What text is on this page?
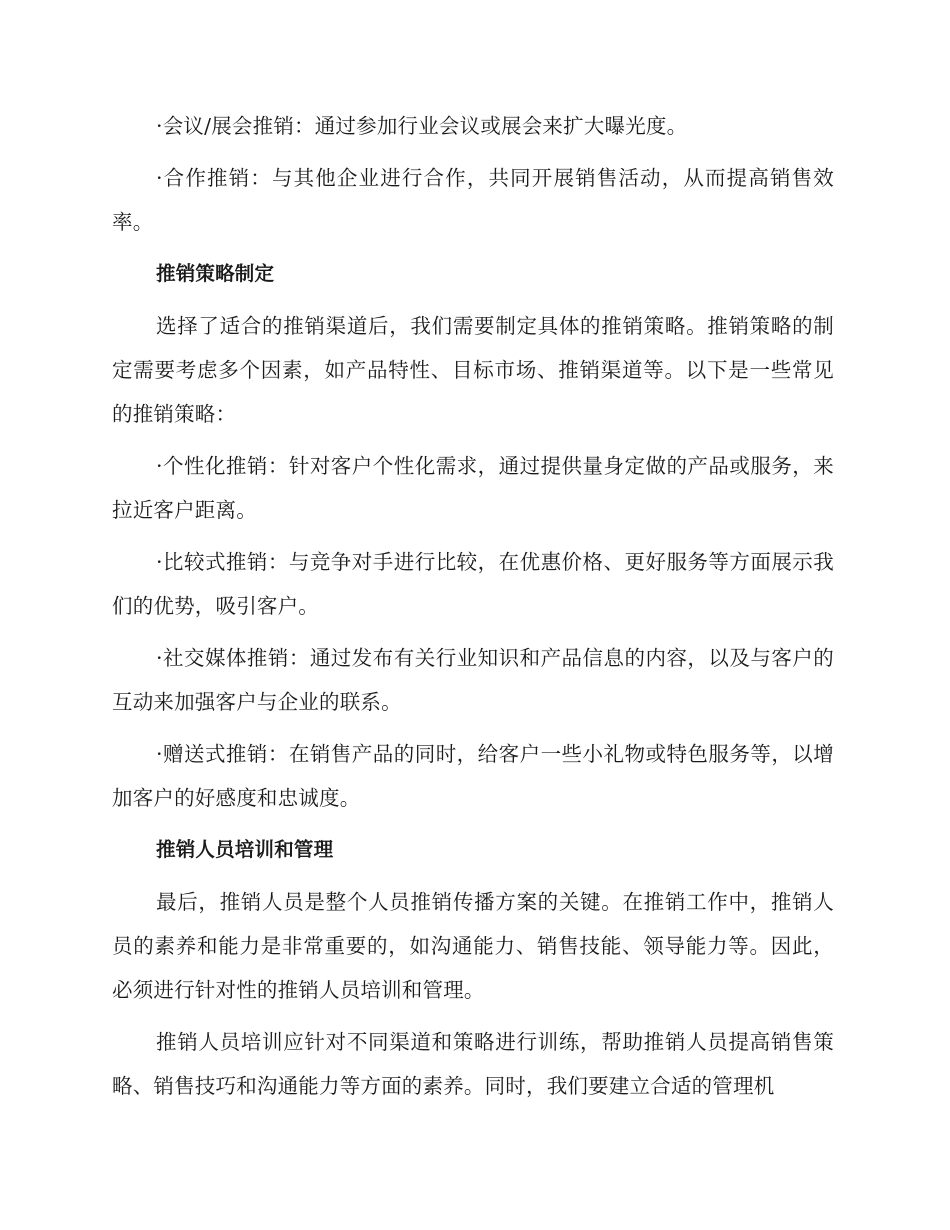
·会议/展会推销：通过参加行业会议或展会来扩大曝光度。

·合作推销：与其他企业进行合作，共同开展销售活动，从而提高销售效率。

推销策略制定

选择了适合的推销渠道后，我们需要制定具体的推销策略。推销策略的制定需要考虑多个因素，如产品特性、目标市场、推销渠道等。以下是一些常见的推销策略：

·个性化推销：针对客户个性化需求，通过提供量身定做的产品或服务，来拉近客户距离。

·比较式推销：与竞争对手进行比较，在优惠价格、更好服务等方面展示我们的优势，吸引客户。

·社交媒体推销：通过发布有关行业知识和产品信息的内容，以及与客户的互动来加强客户与企业的联系。

·赠送式推销：在销售产品的同时，给客户一些小礼物或特色服务等，以增加客户的好感度和忠诚度。

推销人员培训和管理

最后，推销人员是整个人员推销传播方案的关键。在推销工作中，推销人员的素养和能力是非常重要的，如沟通能力、销售技能、领导能力等。因此，必须进行针对性的推销人员培训和管理。

推销人员培训应针对不同渠道和策略进行训练，帮助推销人员提高销售策略、销售技巧和沟通能力等方面的素养。同时，我们要建立合适的管理机
